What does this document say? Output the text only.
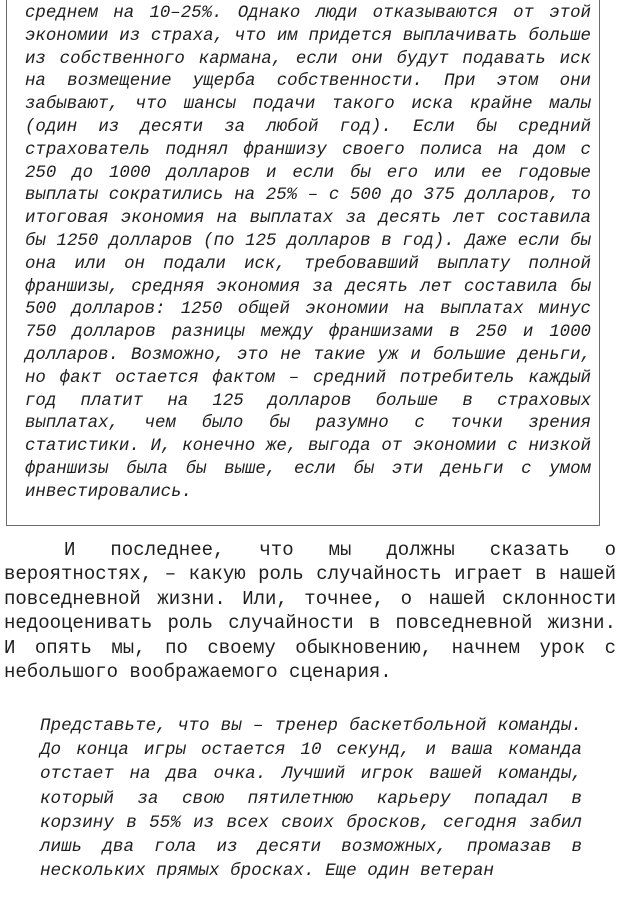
среднем на 10–25%. Однако люди отказываются от этой экономии из страха, что им придется выплачивать больше из собственного кармана, если они будут подавать иск на возмещение ущерба собственности. При этом они забывают, что шансы подачи такого иска крайне малы (один из десяти за любой год). Если бы средний страхователь поднял франшизу своего полиса на дом с 250 до 1000 долларов и если бы его или ее годовые выплаты сократились на 25% – с 500 до 375 долларов, то итоговая экономия на выплатах за десять лет составила бы 1250 долларов (по 125 долларов в год). Даже если бы она или он подали иск, требовавший выплату полной франшизы, средняя экономия за десять лет составила бы 500 долларов: 1250 общей экономии на выплатах минус 750 долларов разницы между франшизами в 250 и 1000 долларов. Возможно, это не такие уж и большие деньги, но факт остается фактом – средний потребитель каждый год платит на 125 долларов больше в страховых выплатах, чем было бы разумно с точки зрения статистики. И, конечно же, выгода от экономии с низкой франшизы была бы выше, если бы эти деньги с умом инвестировались.

И последнее, что мы должны сказать о вероятностях, – какую роль случайность играет в нашей повседневной жизни. Или, точнее, о нашей склонности недооценивать роль случайности в повседневной жизни. И опять мы, по своему обыкновению, начнем урок с небольшого воображаемого сценария.

Представьте, что вы – тренер баскетбольной команды. До конца игры остается 10 секунд, и ваша команда отстает на два очка. Лучший игрок вашей команды, который за свою пятилетнюю карьеру попадал в корзину в 55% из всех своих бросков, сегодня забил лишь два гола из десяти возможных, промазав в нескольких прямых бросках. Еще один ветеран
